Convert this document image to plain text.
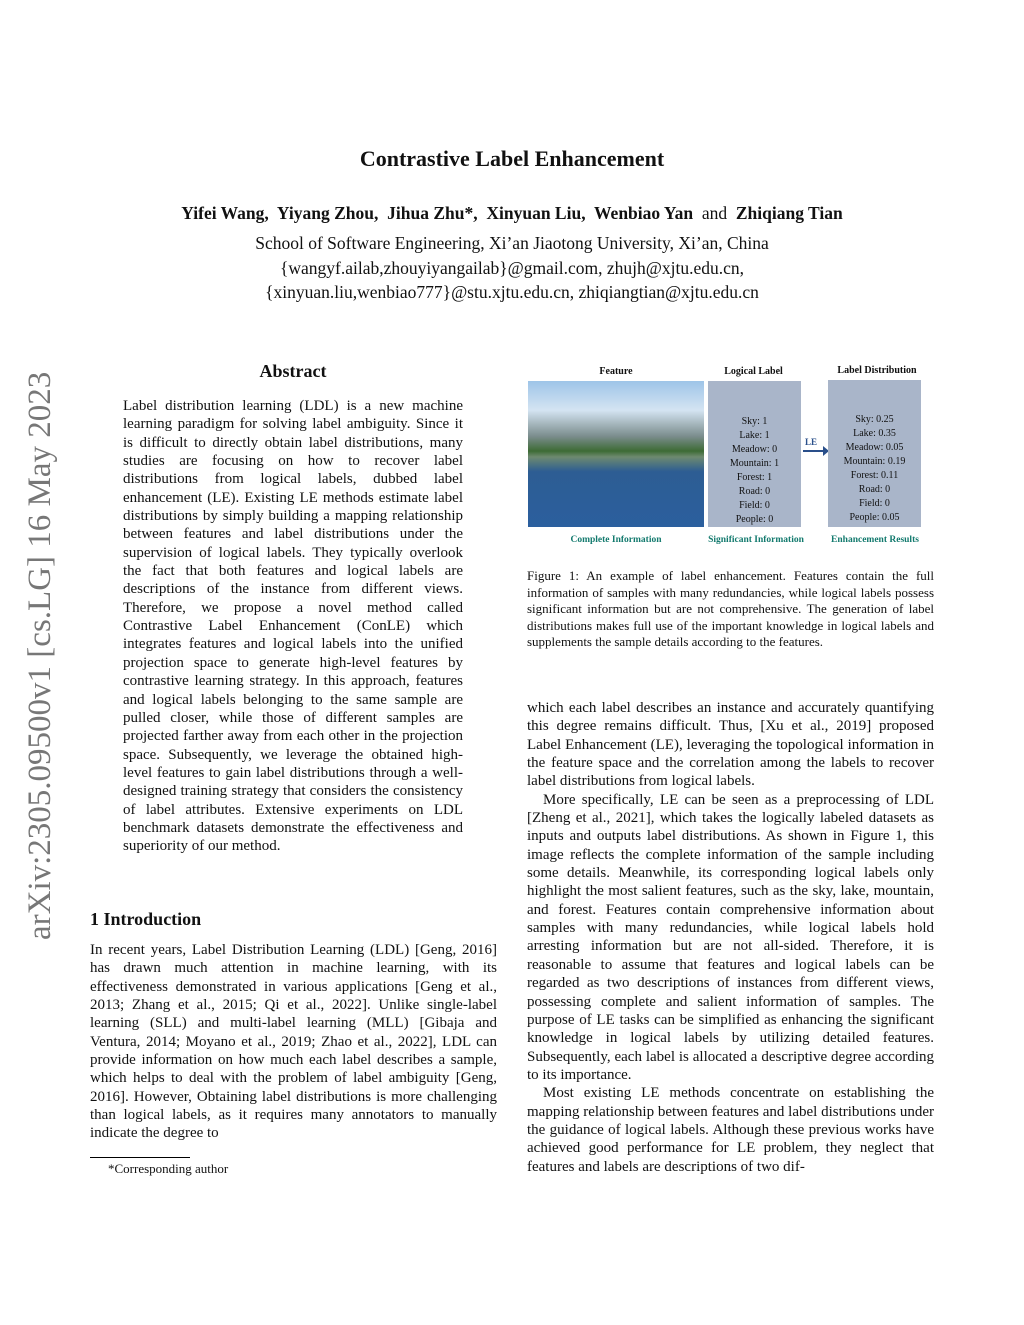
Contrastive Label Enhancement
Yifei Wang,  Yiyang Zhou,  Jihua Zhu*,  Xinyuan Liu,  Wenbiao Yan and Zhiqiang Tian
School of Software Engineering, Xi’an Jiaotong University, Xi’an, China
{wangyf.ailab,zhouyiyangailab}@gmail.com, zhujh@xjtu.edu.cn,
{xinyuan.liu,wenbiao777}@stu.xjtu.edu.cn, zhiqiangtian@xjtu.edu.cn
arXiv:2305.09500v1 [cs.LG] 16 May 2023
Abstract

Label distribution learning (LDL) is a new machine learning paradigm for solving label ambiguity. Since it is difficult to directly obtain label distributions, many studies are focusing on how to recover label distributions from logical labels, dubbed label enhancement (LE). Existing LE methods estimate label distributions by simply building a mapping relationship between features and label distributions under the supervision of logical labels. They typically overlook the fact that both features and logical labels are descriptions of the instance from different views. Therefore, we propose a novel method called Contrastive Label Enhancement (ConLE) which integrates features and logical labels into the unified projection space to generate high-level features by contrastive learning strategy. In this approach, features and logical labels belonging to the same sample are pulled closer, while those of different samples are projected farther away from each other in the projection space. Subsequently, we leverage the obtained high-level features to gain label distributions through a well-designed training strategy that considers the consistency of label attributes. Extensive experiments on LDL benchmark datasets demonstrate the effectiveness and superiority of our method.

1 Introduction

In recent years, Label Distribution Learning (LDL) [Geng, 2016] has drawn much attention in machine learning, with its effectiveness demonstrated in various applications [Geng et al., 2013; Zhang et al., 2015; Qi et al., 2022]. Unlike single-label learning (SLL) and multi-label learning (MLL) [Gibaja and Ventura, 2014; Moyano et al., 2019; Zhao et al., 2022], LDL can provide information on how much each label describes a sample, which helps to deal with the problem of label ambiguity [Geng, 2016]. However, Obtaining label distributions is more challenging than logical labels, as it requires many annotators to manually indicate the degree to

*Corresponding author
Feature	Logical Label	Label Distribution
Sky: 1
Lake: 1
Meadow: 0
Mountain: 1
Forest: 1
Road: 0
Field: 0
People: 0
LE
Sky: 0.25
Lake: 0.35
Meadow: 0.05
Mountain: 0.19
Forest: 0.11
Road: 0
Field: 0
People: 0.05
Complete Information	Significant Information	Enhancement Results
Figure 1: An example of label enhancement. Features contain the full information of samples with many redundancies, while logical labels possess significant information but are not comprehensive. The generation of label distributions makes full use of the important knowledge in logical labels and supplements the sample details according to the features.

which each label describes an instance and accurately quantifying this degree remains difficult. Thus, [Xu et al., 2019] proposed Label Enhancement (LE), leveraging the topological information in the feature space and the correlation among the labels to recover label distributions from logical labels.

More specifically, LE can be seen as a preprocessing of LDL [Zheng et al., 2021], which takes the logically labeled datasets as inputs and outputs label distributions. As shown in Figure 1, this image reflects the complete information of the sample including some details. Meanwhile, its corresponding logical labels only highlight the most salient features, such as the sky, lake, mountain, and forest. Features contain comprehensive information about samples with many redundancies, while logical labels hold arresting information but are not all-sided. Therefore, it is reasonable to assume that features and logical labels can be regarded as two descriptions of instances from different views, possessing complete and salient information of samples. The purpose of LE tasks can be simplified as enhancing the significant knowledge in logical labels by utilizing detailed features. Subsequently, each label is allocated a descriptive degree according to its importance.

Most existing LE methods concentrate on establishing the mapping relationship between features and label distributions under the guidance of logical labels. Although these previous works have achieved good performance for LE problem, they neglect that features and labels are descriptions of two dif-
